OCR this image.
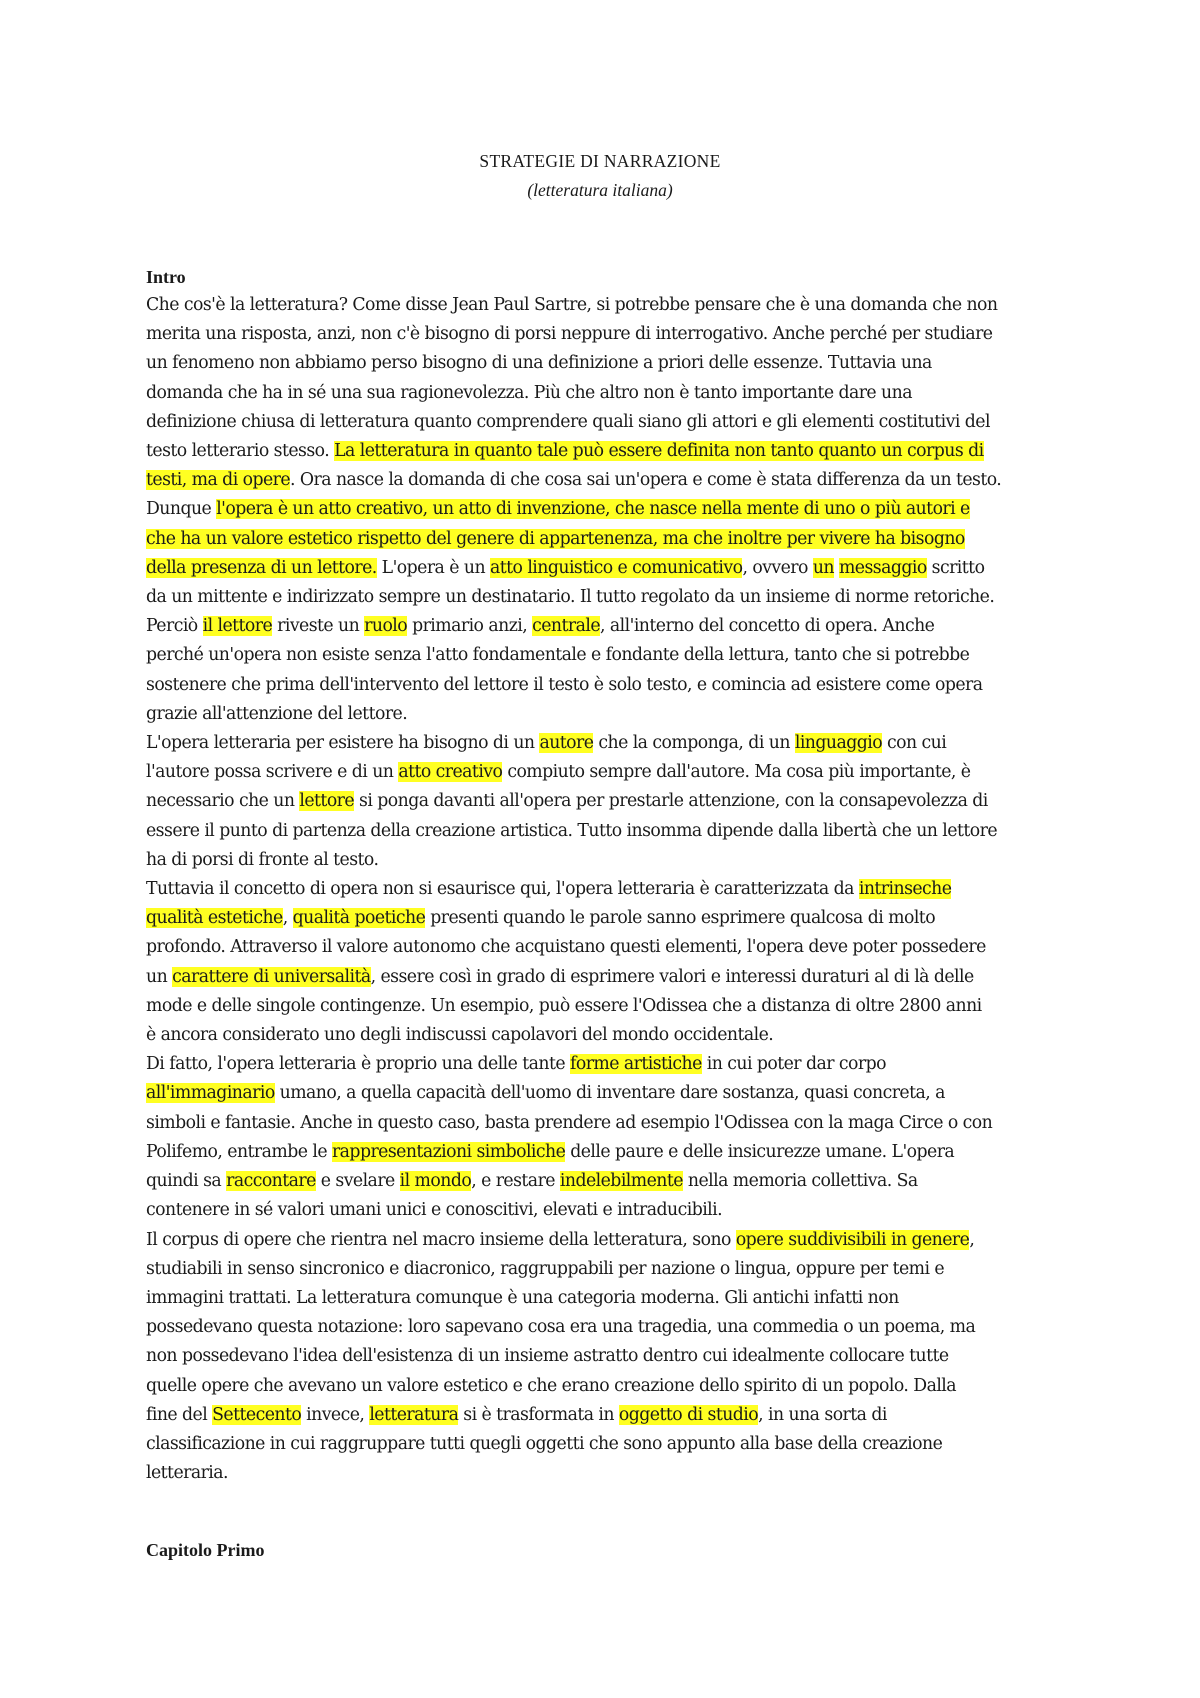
STRATEGIE DI NARRAZIONE
(letteratura italiana)
Intro
Che cos'è la letteratura? Come disse Jean Paul Sartre, si potrebbe pensare che è una domanda che non
merita una risposta, anzi, non c'è bisogno di porsi neppure di interrogativo. Anche perché per studiare
un fenomeno non abbiamo perso bisogno di una definizione a priori delle essenze. Tuttavia una
domanda che ha in sé una sua ragionevolezza. Più che altro non è tanto importante dare una
definizione chiusa di letteratura quanto comprendere quali siano gli attori e gli elementi costitutivi del
testo letterario stesso. La letteratura in quanto tale può essere definita non tanto quanto un corpus di
testi, ma di opere. Ora nasce la domanda di che cosa sai un'opera e come è stata differenza da un testo.
Dunque l'opera è un atto creativo, un atto di invenzione, che nasce nella mente di uno o più autori e
che ha un valore estetico rispetto del genere di appartenenza, ma che inoltre per vivere ha bisogno
della presenza di un lettore. L'opera è un atto linguistico e comunicativo, ovvero un messaggio scritto
da un mittente e indirizzato sempre un destinatario. Il tutto regolato da un insieme di norme retoriche.
Perciò il lettore riveste un ruolo primario anzi, centrale, all'interno del concetto di opera. Anche
perché un'opera non esiste senza l'atto fondamentale e fondante della lettura, tanto che si potrebbe
sostenere che prima dell'intervento del lettore il testo è solo testo, e comincia ad esistere come opera
grazie all'attenzione del lettore.
L'opera letteraria per esistere ha bisogno di un autore che la componga, di un linguaggio con cui
l'autore possa scrivere e di un atto creativo compiuto sempre dall'autore. Ma cosa più importante, è
necessario che un lettore si ponga davanti all'opera per prestarle attenzione, con la consapevolezza di
essere il punto di partenza della creazione artistica. Tutto insomma dipende dalla libertà che un lettore
ha di porsi di fronte al testo.
Tuttavia il concetto di opera non si esaurisce qui, l'opera letteraria è caratterizzata da intrinseche
qualità estetiche, qualità poetiche presenti quando le parole sanno esprimere qualcosa di molto
profondo. Attraverso il valore autonomo che acquistano questi elementi, l'opera deve poter possedere
un carattere di universalità, essere così in grado di esprimere valori e interessi duraturi al di là delle
mode e delle singole contingenze. Un esempio, può essere l'Odissea che a distanza di oltre 2800 anni
è ancora considerato uno degli indiscussi capolavori del mondo occidentale.
Di fatto, l'opera letteraria è proprio una delle tante forme artistiche in cui poter dar corpo
all'immaginario umano, a quella capacità dell'uomo di inventare dare sostanza, quasi concreta, a
simboli e fantasie. Anche in questo caso, basta prendere ad esempio l'Odissea con la maga Circe o con
Polifemo, entrambe le rappresentazioni simboliche delle paure e delle insicurezze umane. L'opera
quindi sa raccontare e svelare il mondo, e restare indelebilmente nella memoria collettiva. Sa
contenere in sé valori umani unici e conoscitivi, elevati e intraducibili.
Il corpus di opere che rientra nel macro insieme della letteratura, sono opere suddivisibili in genere,
studiabili in senso sincronico e diacronico, raggruppabili per nazione o lingua, oppure per temi e
immagini trattati. La letteratura comunque è una categoria moderna. Gli antichi infatti non
possedevano questa notazione: loro sapevano cosa era una tragedia, una commedia o un poema, ma
non possedevano l'idea dell'esistenza di un insieme astratto dentro cui idealmente collocare tutte
quelle opere che avevano un valore estetico e che erano creazione dello spirito di un popolo. Dalla
fine del Settecento invece, letteratura si è trasformata in oggetto di studio, in una sorta di
classificazione in cui raggruppare tutti quegli oggetti che sono appunto alla base della creazione
letteraria.
Capitolo Primo
